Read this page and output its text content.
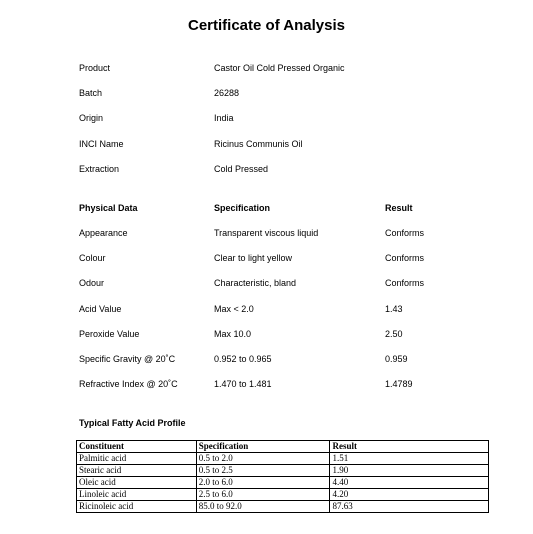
Certificate of Analysis
Product	Castor Oil Cold Pressed Organic
Batch	26288
Origin	India
INCI Name	Ricinus Communis Oil
Extraction	Cold Pressed
Physical Data	Specification	Result
Appearance	Transparent viscous liquid	Conforms
Colour	Clear to light yellow	Conforms
Odour	Characteristic, bland	Conforms
Acid Value	Max < 2.0	1.43
Peroxide Value	Max 10.0	2.50
Specific Gravity @ 20˚C	0.952 to 0.965	0.959
Refractive Index @ 20˚C	1.470 to 1.481	1.4789
Typical Fatty Acid Profile
Constituent	Specification	Result
Palmitic acid	0.5 to 2.0	1.51
Stearic acid	0.5 to 2.5	1.90
Oleic acid	2.0 to 6.0	4.40
Linoleic acid	2.5 to 6.0	4.20
Ricinoleic acid	85.0 to 92.0	87.63
